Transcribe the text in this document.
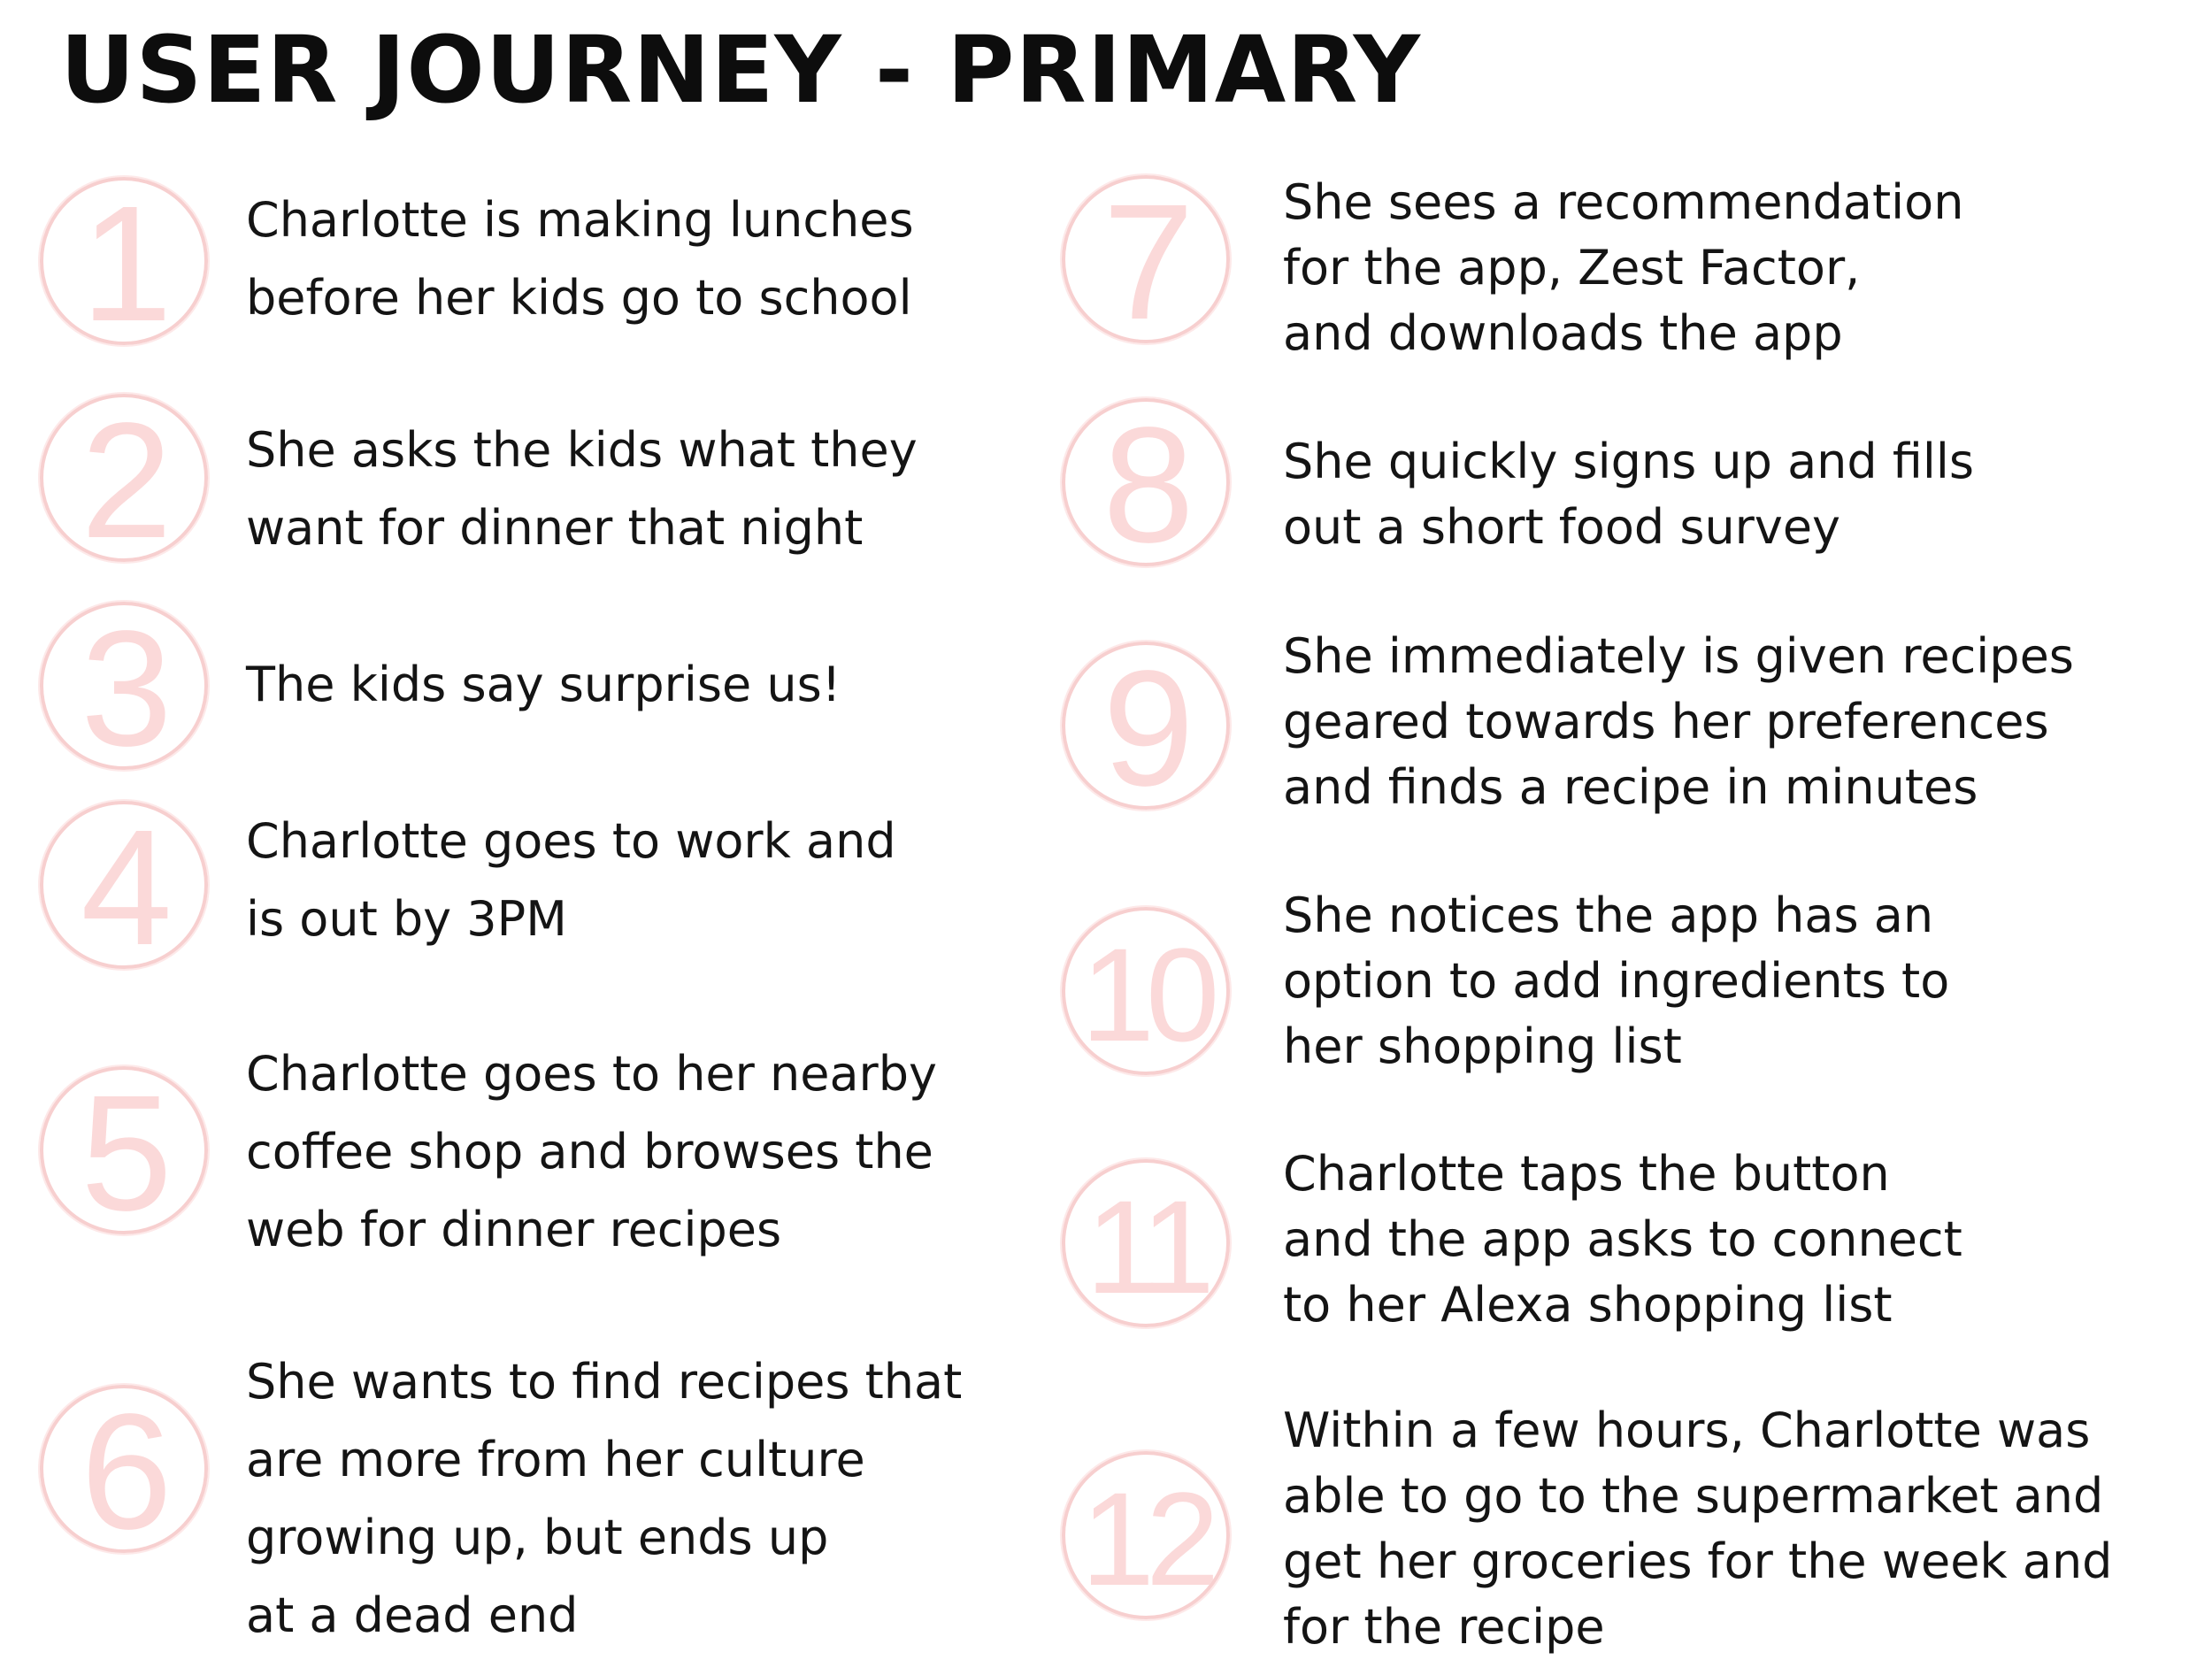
USER JOURNEY - PRIMARY
1 Charlotte is making lunches
before her kids go to school
2 She asks the kids what they
want for dinner that night
3 The kids say surprise us!
4 Charlotte goes to work and
is out by 3PM
5 Charlotte goes to her nearby
coffee shop and browses the
web for dinner recipes
6 She wants to find recipes that
are more from her culture
growing up, but ends up
at a dead end
7 She sees a recommendation
for the app, Zest Factor,
and downloads the app
8 She quickly signs up and fills
out a short food survey
9 She immediately is given recipes
geared towards her preferences
and finds a recipe in minutes
10
She notices the app has an
option to add ingredients to
her shopping list
11 Charlotte taps the button
and the app asks to connect
to her Alexa shopping list
12
Within a few hours, Charlotte was
able to go to the supermarket and
get her groceries for the week and
for the recipe
